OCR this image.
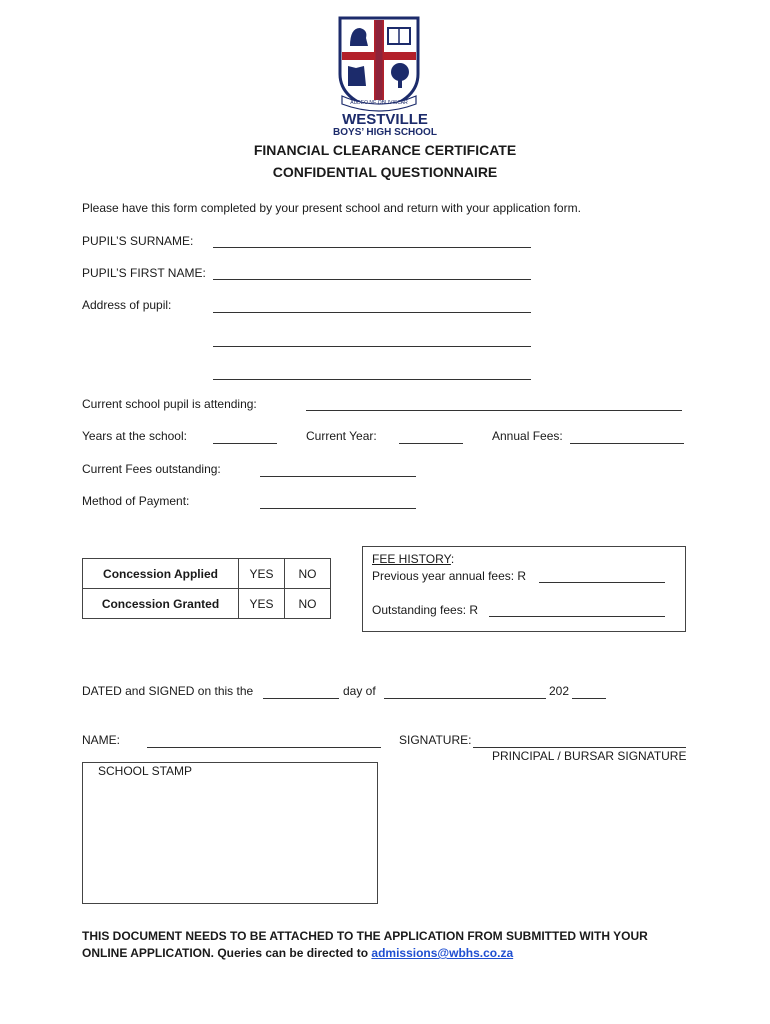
AUDEO NE OBLIVISCAR
WESTVILLE
BOYS’ HIGH SCHOOL
FINANCIAL CLEARANCE CERTIFICATE
CONFIDENTIAL QUESTIONNAIRE
Please have this form completed by your present school and return with your application form.
PUPIL’S SURNAME:
PUPIL’S FIRST NAME:
Address of pupil:
Current school pupil is attending:
Years at the school:	Current Year:	Annual Fees:
Current Fees outstanding:
Method of Payment:
Concession Applied	YES	NO
Concession Granted	YES	NO
FEE HISTORY:
Previous year annual fees: R
Outstanding fees: R
DATED and SIGNED on this the	day of	202
NAME:	SIGNATURE:
PRINCIPAL / BURSAR SIGNATURE
SCHOOL STAMP
THIS DOCUMENT NEEDS TO BE ATTACHED TO THE APPLICATION FROM SUBMITTED WITH YOUR
ONLINE APPLICATION. Queries can be directed to admissions@wbhs.co.za
